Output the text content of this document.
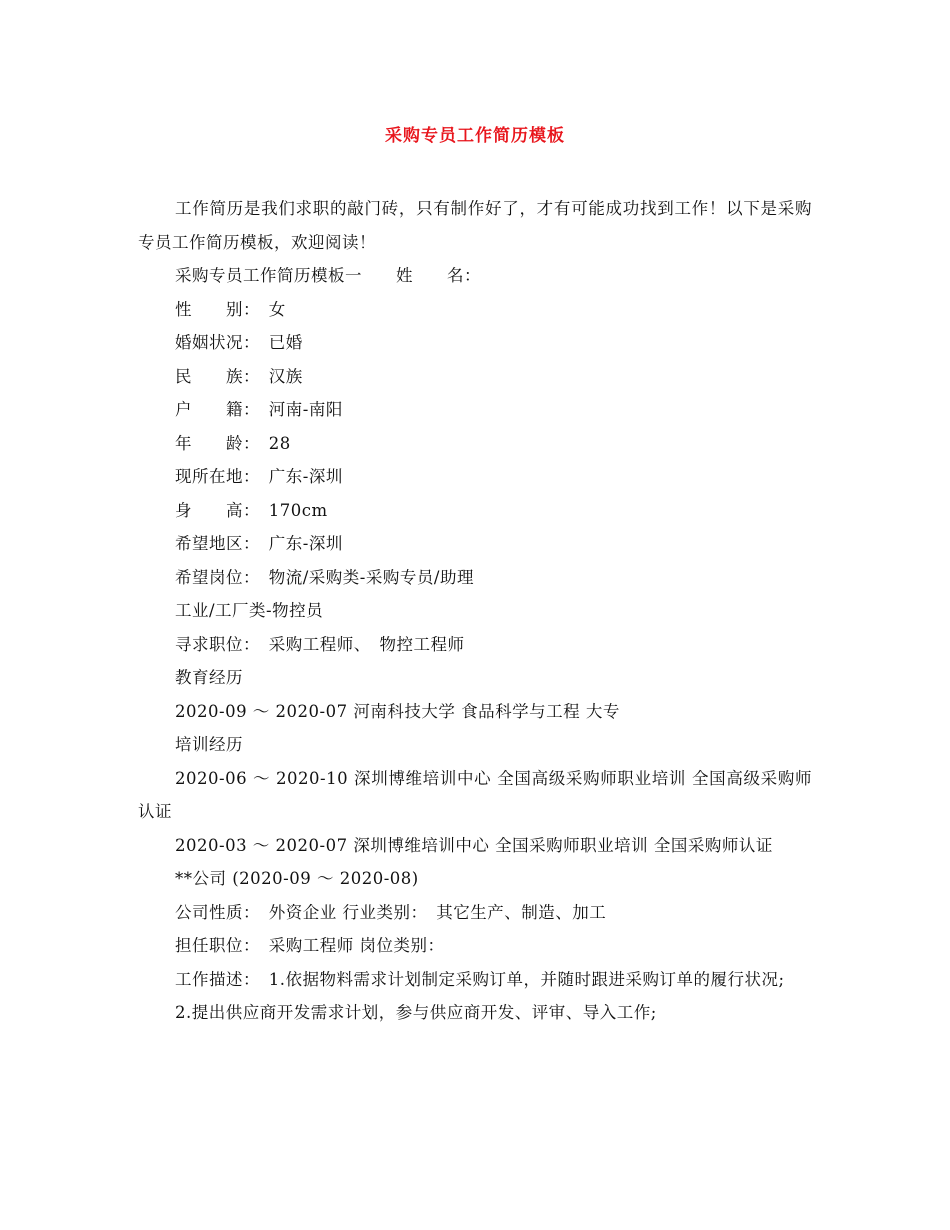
采购专员工作简历模板

工作简历是我们求职的敲门砖，只有制作好了，才有可能成功找到工作！以下是采购专员工作简历模板，欢迎阅读！

采购专员工作简历模板一　　姓　　名：

性　　别：　女

婚姻状况：　已婚

民　　族：　汉族

户　　籍：　河南-南阳

年　　龄：　28

现所在地：　广东-深圳

身　　高：　170cm

希望地区：　广东-深圳

希望岗位：　物流/采购类-采购专员/助理

工业/工厂类-物控员

寻求职位：　采购工程师、　物控工程师

教育经历

2020-09 ～ 2020-07 河南科技大学 食品科学与工程 大专

培训经历

2020-06 ～ 2020-10 深圳博维培训中心 全国高级采购师职业培训 全国高级采购师认证

2020-03 ～ 2020-07 深圳博维培训中心 全国采购师职业培训 全国采购师认证

**公司 (2020-09 ～ 2020-08)

公司性质：　外资企业 行业类别：　其它生产、制造、加工

担任职位：　采购工程师 岗位类别：

工作描述：　1.依据物料需求计划制定采购订单，并随时跟进采购订单的履行状况;

2.提出供应商开发需求计划，参与供应商开发、评审、导入工作;
